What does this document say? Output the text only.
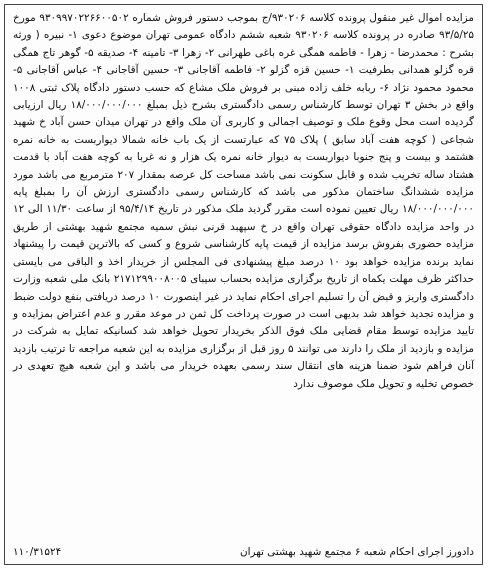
مزایده اموال غیر منقول پرونده کلاسه ۹۳۰۲۰۶/ج بموجب دستور فروش شماره ۹۳۰۹۹۷۰۲۲۶۶۰۰۵۰۲ مورخ ۹۳/۵/۲۵ صادره در پرونده کلاسه ۹۳۰۲۰۶ شعبه ششم دادگاه عمومی تهران موضوع دعوی ۱- نبیره ( ورثه بشرح : محمدرضا - زهرا - فاطمه همگی غره باغی طهرانی ۲- زهرا ۳- تامینه ۴- صدیقه ۵- گوهر تاج همگی قره گزلو همدانی بطرفیت ۱- حسین قزه گزلو ۲- فاطمه آقاجانی ۳- حسین آقاجانی ۴- عباس آقاجانی ۵- محمود محمود نژاد ۶- ربابه خلف زاده مبنی بر فروش ملک مشاع که حسب دستور دادگاه پلاک ثبتی ۱۰۰۸ واقع در بخش ۳ تهران توسط کارشناس رسمی دادگستری بشرح ذیل بمبلغ ۱۸/۰۰۰/۰۰۰/۰۰۰ ریال ارزیابی گردیده است محل وقوع ملک و توصیف اجمالی و کاربری آن ملک واقع در تهران میدان حسن آباد خ شهید شجاعی ( کوچه هفت آباد سابق ) پلاک ۷۵ که عبارتست از یک باب خانه شمالا دیواربست به خانه نمره هشتمد و بیست و پنج جنوبا دیواربست به دیوار خانه نمره یک هزار و نه غربا به کوچه هفت آباد با قدمت هشتاد ساله تخریب شده و قابل سکونت نمی باشد مساحت کل عرصه بمقدار ۲۰۷ مترمربع می باشد مورد مزایده ششدانگ ساختمان مذکور می باشد که کارشناس رسمی دادگستری ارزش آن را بمبلغ پایه ۱۸/۰۰۰/۰۰۰/۰۰۰ ریال تعیین نموده است مقرر گردید ملک مذکور در تاریخ ۹۵/۴/۱۴ از ساعت ۱۱/۳۰ الی ۱۲ در واحد مزایده دادگاه حقوقی تهران واقع در خ سپهبد قرنی نبش سمیه مجتمع شهید بهشتی از طریق مزایده حضوری بفروش برسد مزایده از قیمت پایه کارشناسی شروع و کسی که بالاترین قیمت را پیشنهاد نماید برنده مزایده خواهد بود ۱۰ درصد مبلغ پیشنهادی فی المجلس از خریدار اخذ و الباقی می بایستی حداکثر ظرف مهلت یکماه از تاریخ برگزاری مزایده بحساب سیبای ۲۱۷۱۲۹۹۰۰۸۰۰۵ بانک ملی شعبه وزارت دادگستری واریز و قبض آن را تسلیم اجرای احکام نماید در غیر اینصورت ۱۰ درصد دریافتی بنفع دولت ضبط و مزایده تجدید خواهد شد بدیهی است در صورت پرداخت کل ثمن در موعد مقرر و عدم اعتراض بمزایده و تایید مزایده توسط مقام قضایی ملک فوق الذکر بخریدار تحویل خواهد شد کسانیکه تمایل به شرکت در مزایده و بازدید از ملک را دارند می توانند ۵ روز قبل از برگزاری مزایده به این شعبه مراجعه تا ترتیب بازدید آنان فراهم شود ضمنا هزینه های انتقال سند رسمی بعهده خریدار می باشد و این شعبه هیچ تعهدی در خصوص تخلیه و تحویل ملک موصوف ندارد

دادورز اجرای احکام شعبه ۶ مجتمع شهید بهشتی تهران
۱۱۰/۳۱۵۲۴
